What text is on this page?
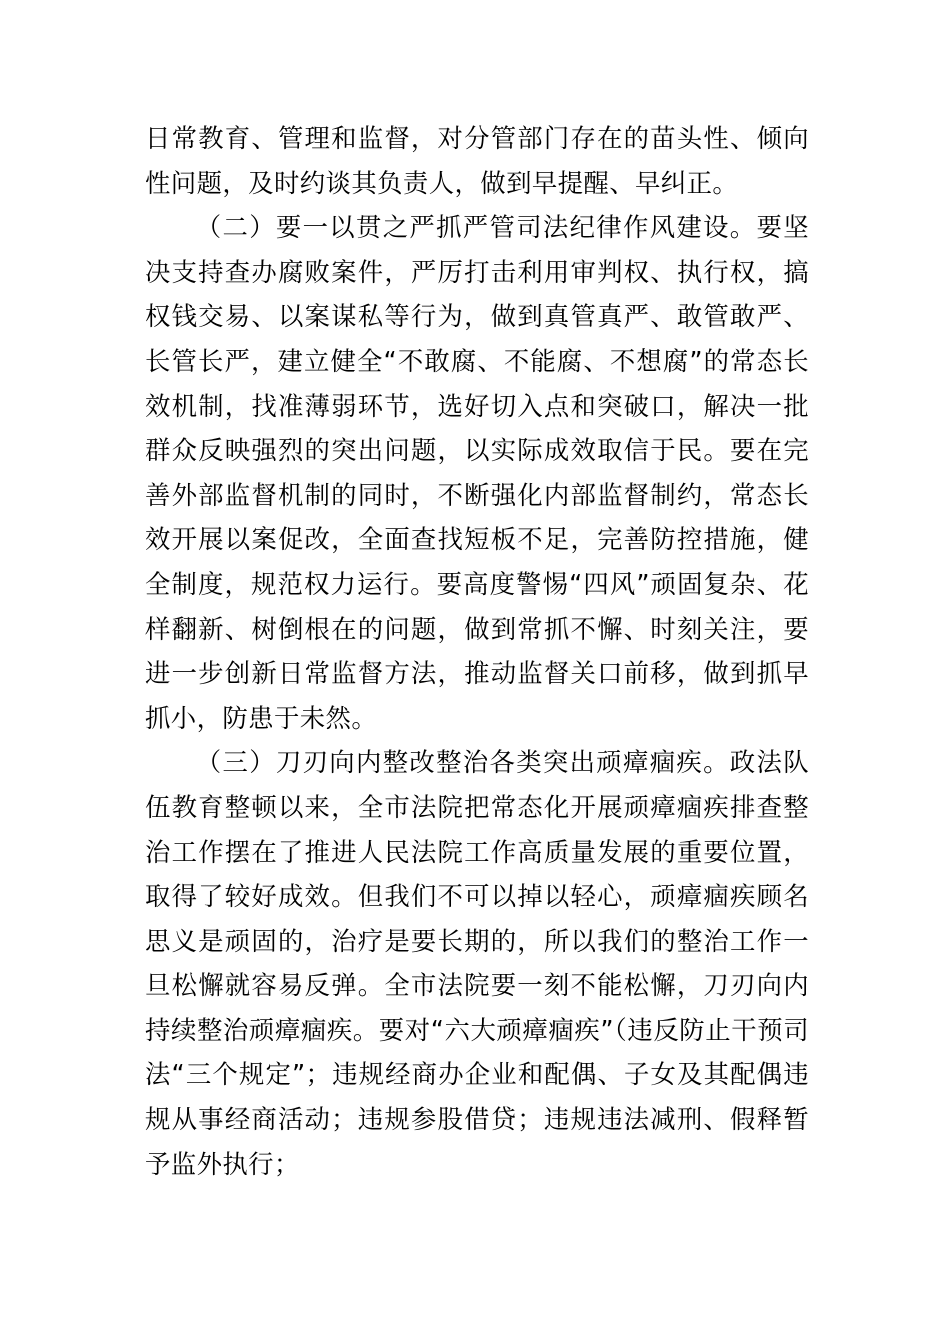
日常教育、管理和监督，对分管部门存在的苗头性、倾向性问题，及时约谈其负责人，做到早提醒、早纠正。

（二）要一以贯之严抓严管司法纪律作风建设。要坚决支持查办腐败案件，严厉打击利用审判权、执行权，搞权钱交易、以案谋私等行为，做到真管真严、敢管敢严、长管长严，建立健全“不敢腐、不能腐、不想腐”的常态长效机制，找准薄弱环节，选好切入点和突破口，解决一批群众反映强烈的突出问题，以实际成效取信于民。要在完善外部监督机制的同时，不断强化内部监督制约，常态长效开展以案促改，全面查找短板不足，完善防控措施，健全制度，规范权力运行。要高度警惕“四风”顽固复杂、花样翻新、树倒根在的问题，做到常抓不懈、时刻关注，要进一步创新日常监督方法，推动监督关口前移，做到抓早抓小，防患于未然。

（三）刀刃向内整改整治各类突出顽瘴痼疾。政法队伍教育整顿以来，全市法院把常态化开展顽瘴痼疾排查整治工作摆在了推进人民法院工作高质量发展的重要位置，取得了较好成效。但我们不可以掉以轻心，顽瘴痼疾顾名思义是顽固的，治疗是要长期的，所以我们的整治工作一旦松懈就容易反弹。全市法院要一刻不能松懈，刀刃向内持续整治顽瘴痼疾。要对“六大顽瘴痼疾”（违反防止干预司法“三个规定”；违规经商办企业和配偶、子女及其配偶违规从事经商活动；违规参股借贷；违规违法减刑、假释暂予监外执行；
